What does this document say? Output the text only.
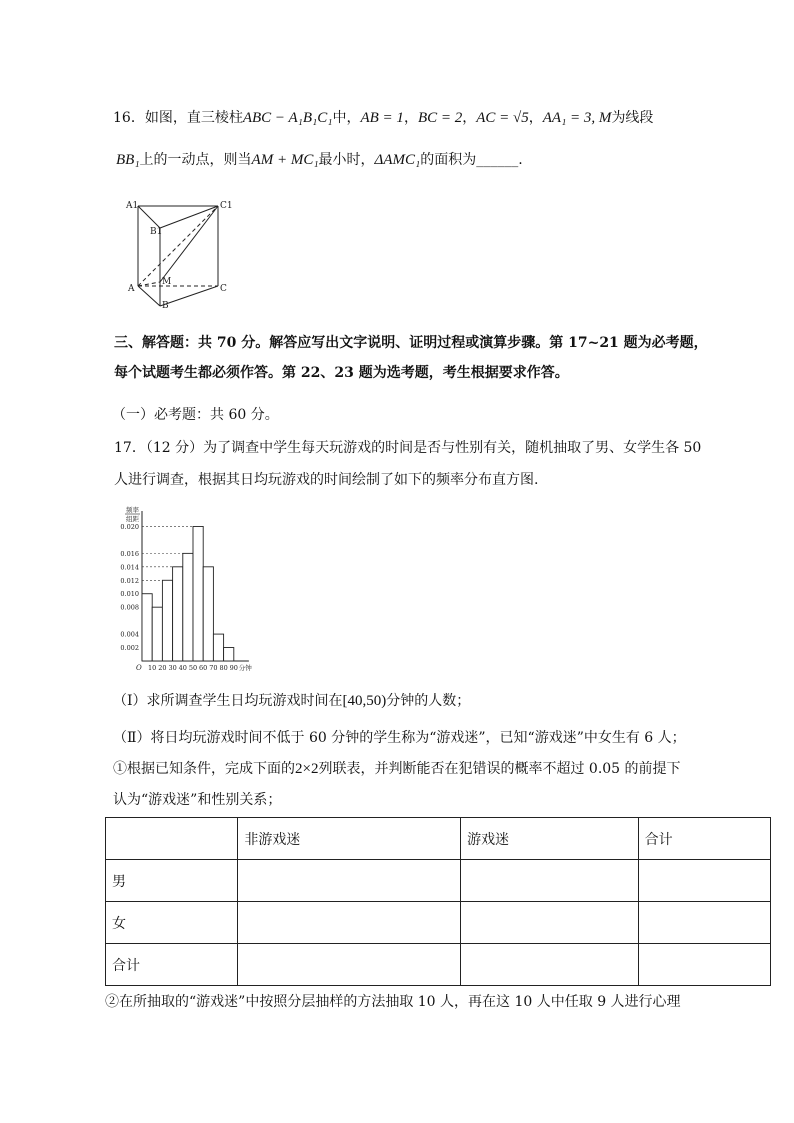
16．如图，直三棱柱ABC − A₁B₁C₁中，AB = 1，BC = 2，AC = √5，AA₁ = 3, M为线段
BB₁上的一动点，则当AM + MC₁最小时，ΔAMC₁的面积为______.
A1	C1
B1
M
A
B
C
三、解答题：共 70 分。解答应写出文字说明、证明过程或演算步骤。第 17~21 题为必考题，
每个试题考生都必须作答。第 22、23 题为选考题，考生根据要求作答。
（一）必考题：共 60 分。
17．（12 分）为了调查中学生每天玩游戏的时间是否与性别有关，随机抽取了男、女学生各 50
人进行调查，根据其日均玩游戏的时间绘制了如下的频率分布直方图.
频率
组距
0.020
0.016
0.014
0.012
0.010
0.008
0.004
0.002
10 20 30 40 50 60 70 80 90
O	分钟
（Ⅰ）求所调查学生日均玩游戏时间在[40,50)分钟的人数；
（Ⅱ）将日均玩游戏时间不低于 60 分钟的学生称为“游戏迷”，已知“游戏迷”中女生有 6 人；
①根据已知条件，完成下面的2×2列联表，并判断能否在犯错误的概率不超过 0.05 的前提下
认为“游戏迷”和性别关系；
	非游戏迷	游戏迷	合计
男			
女			
合计			
②在所抽取的“游戏迷”中按照分层抽样的方法抽取 10 人，再在这 10 人中任取 9 人进行心理
